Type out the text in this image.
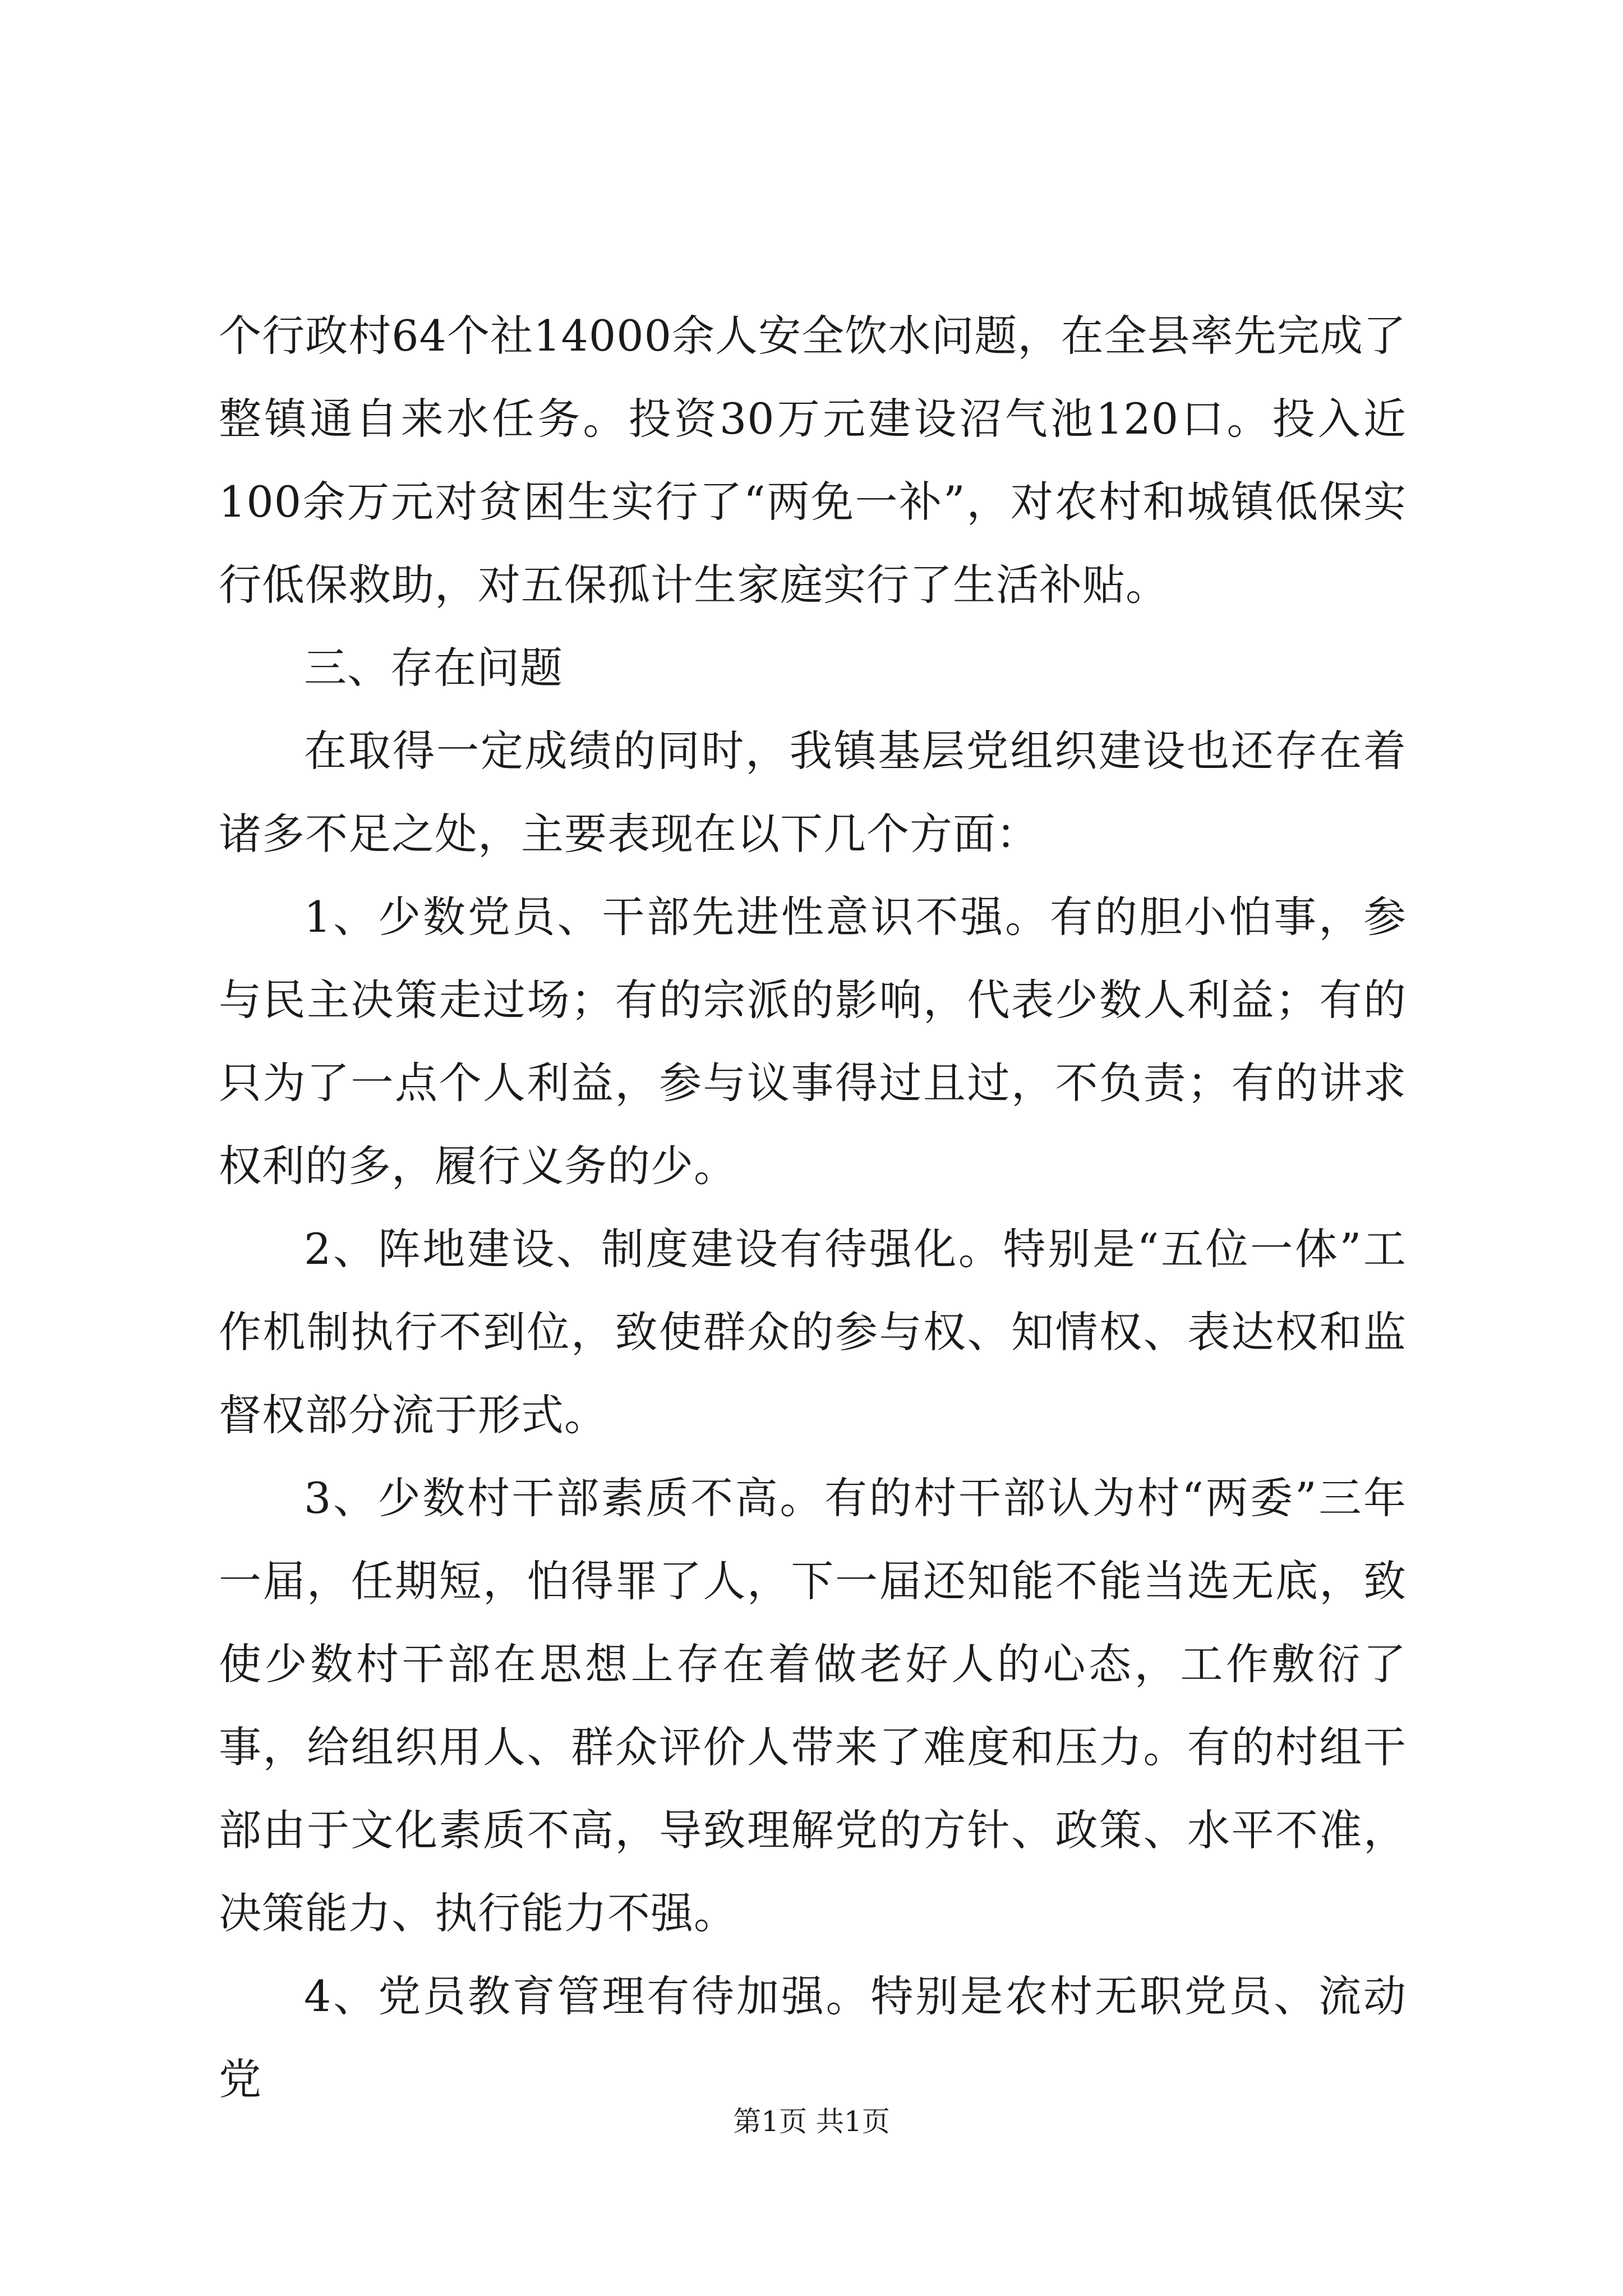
个行政村64个社14000余人安全饮水问题，在全县率先完成了整镇通自来水任务。投资30万元建设沼气池120口。投入近100余万元对贫困生实行了“两免一补”，对农村和城镇低保实行低保救助，对五保孤计生家庭实行了生活补贴。

三、存在问题

在取得一定成绩的同时，我镇基层党组织建设也还存在着诸多不足之处，主要表现在以下几个方面：

1、少数党员、干部先进性意识不强。有的胆小怕事，参与民主决策走过场；有的宗派的影响，代表少数人利益；有的只为了一点个人利益，参与议事得过且过，不负责；有的讲求权利的多，履行义务的少。

2、阵地建设、制度建设有待强化。特别是“五位一体”工作机制执行不到位，致使群众的参与权、知情权、表达权和监督权部分流于形式。

3、少数村干部素质不高。有的村干部认为村“两委”三年一届，任期短，怕得罪了人，下一届还知能不能当选无底，致使少数村干部在思想上存在着做老好人的心态，工作敷衍了事，给组织用人、群众评价人带来了难度和压力。有的村组干部由于文化素质不高，导致理解党的方针、政策、水平不准，决策能力、执行能力不强。

4、党员教育管理有待加强。特别是农村无职党员、流动党

第1页 共1页
